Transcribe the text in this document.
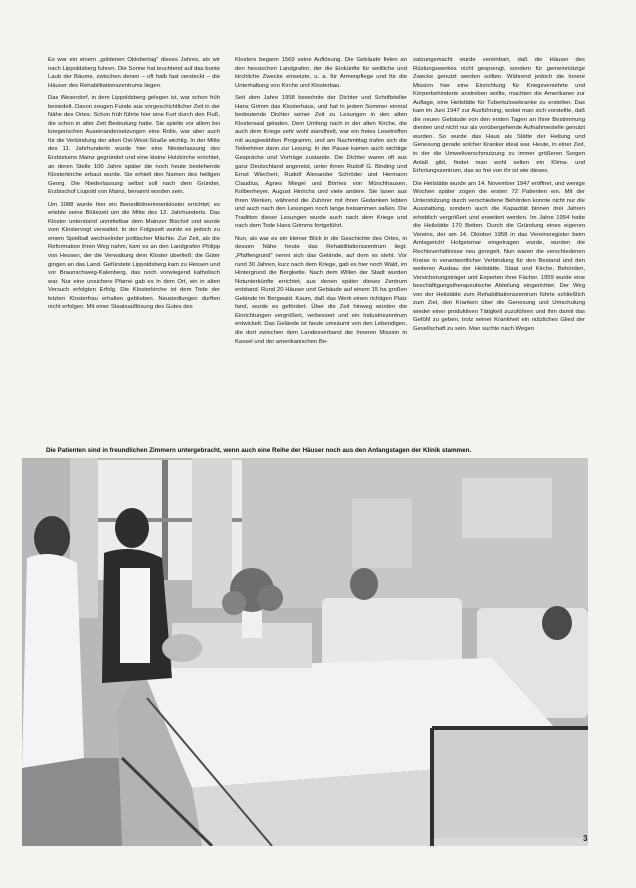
Es war ein einem „goldenen Oktobertag“ dieses Jahres, als wir nach Lippoldsberg fuhren. Die Sonne hat leuchtend auf das bunte Laub der Bäume, zwischen denen – oft halb fast versteckt – die Häuser des Rehabilitationszentrums liegen.

Das Weserdorf, in dem Lippoldsberg gelegen ist, war schon früh besiedelt. Davon zeugen Funde aus vorgeschichtlicher Zeit in der Nähe des Ortes. Schon früh führte hier eine Furt durch den Fluß, die schon in alter Zeit Bedeutung hatte. Sie spielte vor allem bei kriegerischen Auseinandersetzungen eine Rolle, war aber auch für die Verbindung der alten Ost-West-Straße wichtig. In der Mitte des 11. Jahrhunderts wurde hier eine Niederlassung des Erzbistums Mainz gegründet und eine kleine Holzkirche errichtet, an deren Stelle 100 Jahre später die noch heute bestehende Klosterkirche erbaut wurde. Sie erhielt den Namen des heiligen Georg. Die Niederlassung selbst soll nach dem Gründer, Erzbischof Liupold von Mainz, benannt worden sein.

Um 1088 wurde hier ein Benediktinerinnenkloster errichtet; es erlebte seine Blütezeit um die Mitte des 12. Jahrhunderts. Das Kloster unterstand unmittelbar dem Mainzer Bischof und wurde vom Klostervogt verwaltet. In der Folgezeit wurde es jedoch zu einem Spielball wechselnder politischer Mächte. Zur Zeit, als die Reformation ihren Weg nahm, kam es an den Landgrafen Philipp von Hessen, der die Verwaltung dem Kloster überließ; die Güter gingen an das Land. Gefürstete Lippoldsberg kam zu Hessen und vor Braunschweig-Kalenberg, das noch vorwiegend katholisch war. Nur eine unsichere Pfarrei gab es in dem Ort, ein in alten Versuch erfolgten Erfolg. Die Klosterkirche ist dem Tode der letzten Klosterfrau erhalten geblieben. Neusiedlungen durften nicht erfolgen. Mit einer Staatsauflösung des Gutes des

Klosters begann 1569 seine Auflösung. Die Gebäude fielen an den hessischen Landgrafen, der die Einkünfte für weltliche und kirchliche Zwecke einsetzte, u. a. für Armenpflege und für die Unterhaltung von Kirche und Klosterbau.

Seit dem Jahre 1958 bewohnte der Dichter und Schriftsteller Hans Grimm das Klosterhaus, und hat in jedem Sommer einmal bedeutende Dichter seiner Zeit zu Lesungen in den alten Klostersaal geladen. Dem Umfang nach in der alten Kirche, die auch dem Kriege sehr wohl standhielt, war ein freies Lesetreffen mit ausgewählten Programm, und am Nachmittag trafen sich die Teilnehmer dann zur Lesung. In der Pause kamen auch wichtige Gespräche und Vorträge zustande. Die Dichter waren oft aus ganz Deutschland angereist, unter ihnen Rudolf G. Binding und Ernst Wiechert, Rudolf Alexander Schröder und Hermann Claudius, Agnes Miegel und Börries von Münchhausen, Kolbenheyer, August Hinrichs und viele andere. Sie lasen aus ihren Werken, während die Zuhörer mit ihren Gedanken lebten und auch nach den Lesungen noch lange beisammen saßen. Die Tradition dieser Lesungen wurde auch nach dem Kriege und nach dem Tode Hans Grimms fortgeführt.

Nun, als war es ein kleiner Blick in die Geschichte des Ortes, in dessen Nähe heute das Rehabilitationszentrum liegt. „Pfaffengrund“ nennt sich das Gelände, auf dem es steht. Vor rund 30 Jahren, kurz nach dem Kriege, gab es hier noch Wald, im Hintergrund die Bergkette. Nach dem Willen der Stadt wurden Notunterkünfte errichtet, aus denen später dieses Zentrum entstand. Rund 20 Häuser und Gebäude auf einem 15 ha großen Gelände im Bergwald. Kaum, daß das Werk einen richtigen Platz fand, wurde es gefördert. Über die Zeit hinweg wurden die Einrichtungen vergrößert, verbessert und ein Industriezentrum entwickelt. Das Gelände ist heute umsäumt von den Lebendigen, die dort zwischen dem Landesverband der Inneren Mission in Kassel und der amerikanischen Be-

satzungsmacht wurde vereinbart, daß die Häuser des Rüstungswerkes nicht gesprengt, sondern für gemeinnützige Zwecke genutzt werden sollten. Während jedoch die Innere Mission hier eine Einrichtung für Kriegsversehrte und Körperbehinderte anstreben wollte, machten die Amerikaner zur Auflage, eine Heilstätte für Tuberkulosekranke zu erstellen. Das kam im Juni 1947 zur Ausführung, wobei man sich vorstellte, daß die neuen Gebäude von den ersten Tagen an ihrer Bestimmung dienten und nicht nur als vorübergehende Aufnahmestelle genutzt wurden. So wurde das Haus als Stätte der Heilung und Genesung gerade solcher Kranker ideal war. Heute, in einer Zeit, in der die Umweltverschmutzung zu immer größeren Sorgen Anlaß gibt, findet man wohl selten ein Klima- und Erholungszentrum, das so frei von ihr ist wie dieses.

Die Heilstätte wurde am 14. November 1947 eröffnet, und wenige Wochen später zogen die ersten 72 Patienten ein. Mit der Unterstützung durch verschiedene Behörden konnte nicht nur die Ausstattung, sondern auch die Kapazität binnen drei Jahren erheblich vergrößert und erweitert werden. Im Jahre 1954 hatte die Heilstätte 170 Betten. Durch die Gründung eines eigenen Vereins, der am 14. Oktober 1958 in das Vereinsregister beim Amtsgericht Hofgeismar eingetragen wurde, wurden die Rechtsverhältnisse neu geregelt. Nun waren die verschiedenen Kreise in verantwortlicher Verbindung für den Bestand und den weiteren Ausbau der Heilstätte. Staat und Kirche, Behörden, Versicherungsträger und Experten ihrer Fächer. 1959 wurde eine beschäftigungstherapeutische Abteilung eingerichtet. Der Weg von der Heilstätte zum Rehabilitationszentrum führte schließlich zum Ziel, den Kranken über die Genesung und Umschulung wieder einer produktiven Tätigkeit zuzuführen und ihm damit das Gefühl zu geben, trotz seiner Krankheit ein nützliches Glied der Gesellschaft zu sein. Man suchte nach Wegen

Die Patienten sind in freundlichen Zimmern untergebracht, wenn auch eine Reihe der Häuser noch aus den Anfangstagen der Klinik stammen.
3
